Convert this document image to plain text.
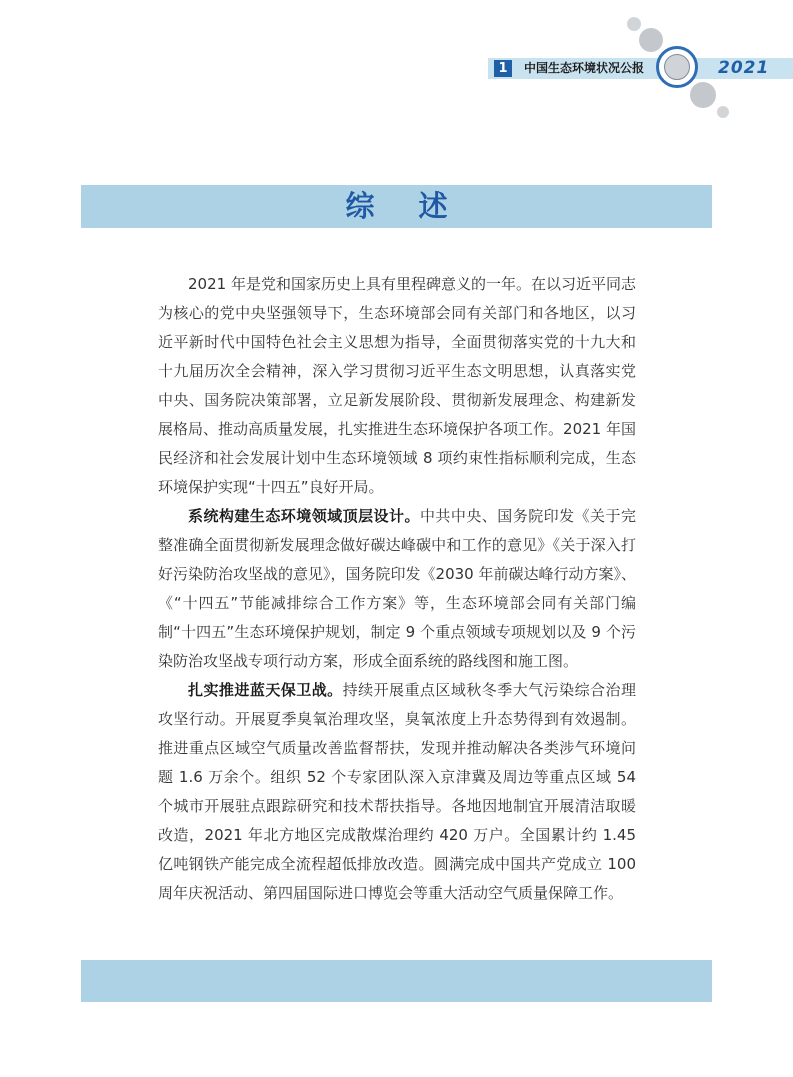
1	中国生态环境状况公报	2021
综述

2021 年是党和国家历史上具有里程碑意义的一年。在以习近平同志为核心的党中央坚强领导下，生态环境部会同有关部门和各地区，以习近平新时代中国特色社会主义思想为指导，全面贯彻落实党的十九大和十九届历次全会精神，深入学习贯彻习近平生态文明思想，认真落实党中央、国务院决策部署，立足新发展阶段、贯彻新发展理念、构建新发展格局、推动高质量发展，扎实推进生态环境保护各项工作。2021 年国民经济和社会发展计划中生态环境领域 8 项约束性指标顺利完成，生态环境保护实现“十四五”良好开局。

系统构建生态环境领域顶层设计。中共中央、国务院印发《关于完整准确全面贯彻新发展理念做好碳达峰碳中和工作的意见》《关于深入打好污染防治攻坚战的意见》，国务院印发《2030 年前碳达峰行动方案》、《“十四五”节能减排综合工作方案》等，生态环境部会同有关部门编制“十四五”生态环境保护规划，制定 9 个重点领域专项规划以及 9 个污染防治攻坚战专项行动方案，形成全面系统的路线图和施工图。

扎实推进蓝天保卫战。持续开展重点区域秋冬季大气污染综合治理攻坚行动。开展夏季臭氧治理攻坚，臭氧浓度上升态势得到有效遏制。推进重点区域空气质量改善监督帮扶，发现并推动解决各类涉气环境问题 1.6 万余个。组织 52 个专家团队深入京津冀及周边等重点区域 54 个城市开展驻点跟踪研究和技术帮扶指导。各地因地制宜开展清洁取暖改造，2021 年北方地区完成散煤治理约 420 万户。全国累计约 1.45 亿吨钢铁产能完成全流程超低排放改造。圆满完成中国共产党成立 100 周年庆祝活动、第四届国际进口博览会等重大活动空气质量保障工作。
